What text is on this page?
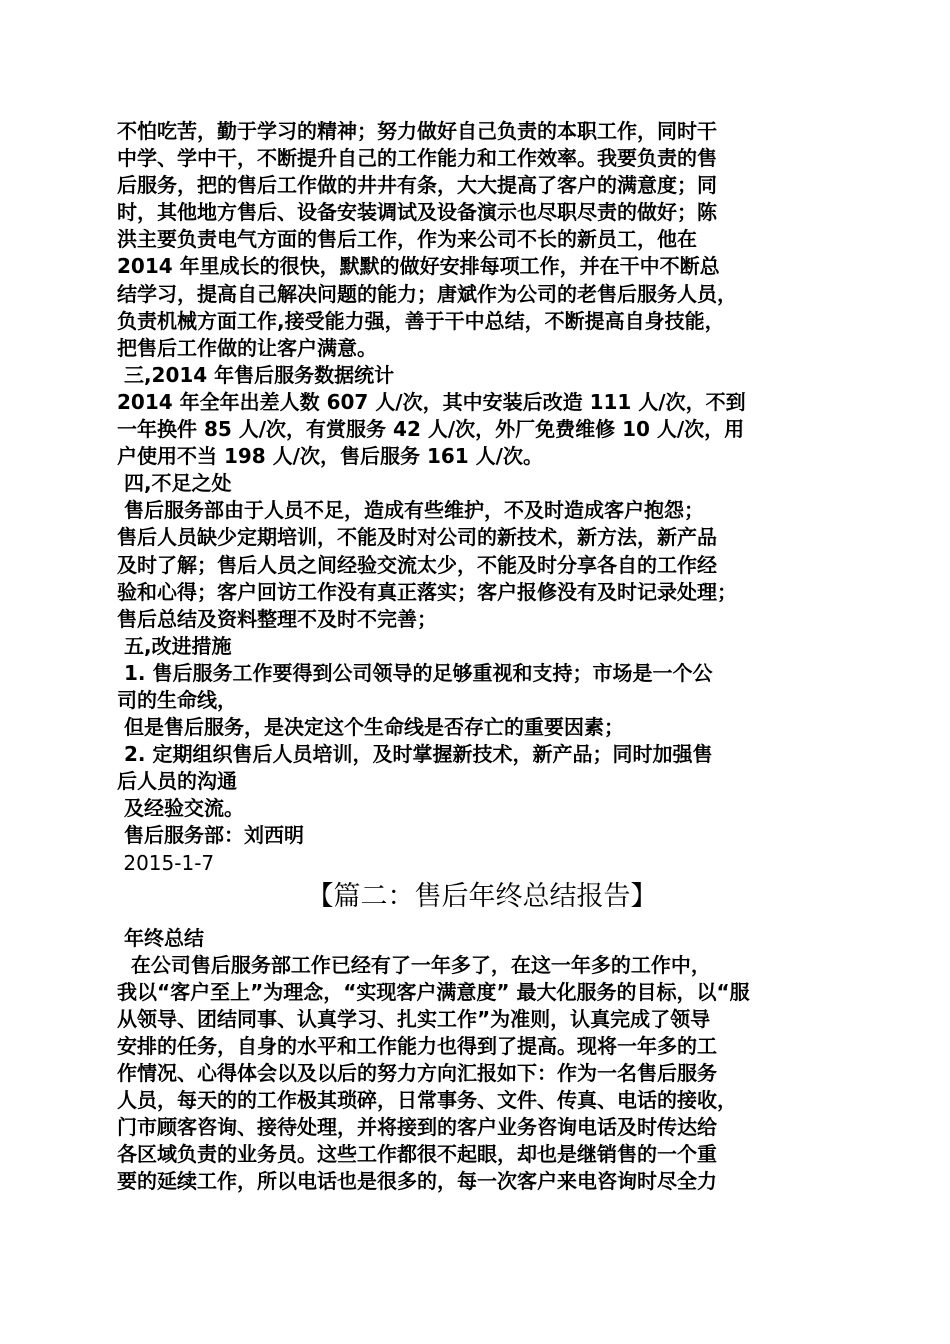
不怕吃苦，勤于学习的精神；努力做好自己负责的本职工作，同时干
中学、学中干，不断提升自己的工作能力和工作效率。我要负责的售
后服务，把的售后工作做的井井有条，大大提高了客户的满意度；同
时，其他地方售后、设备安装调试及设备演示也尽职尽责的做好；陈
洪主要负责电气方面的售后工作，作为来公司不长的新员工，他在
2014 年里成长的很快，默默的做好安排每项工作，并在干中不断总
结学习，提高自己解决问题的能力；唐斌作为公司的老售后服务人员，
负责机械方面工作,接受能力强，善于干中总结，不断提高自身技能，
把售后工作做的让客户满意。
三,2014 年售后服务数据统计
2014 年全年出差人数 607 人/次，其中安装后改造 111 人/次，不到
一年换件 85 人/次，有赏服务 42 人/次，外厂免费维修 10 人/次，用
户使用不当 198 人/次，售后服务 161 人/次。
四,不足之处
售后服务部由于人员不足，造成有些维护，不及时造成客户抱怨；
售后人员缺少定期培训，不能及时对公司的新技术，新方法，新产品
及时了解；售后人员之间经验交流太少，不能及时分享各自的工作经
验和心得；客户回访工作没有真正落实；客户报修没有及时记录处理；
售后总结及资料整理不及时不完善；
五,改进措施
1. 售后服务工作要得到公司领导的足够重视和支持；市场是一个公
司的生命线，
但是售后服务，是决定这个生命线是否存亡的重要因素；
2. 定期组织售后人员培训，及时掌握新技术，新产品；同时加强售
后人员的沟通
及经验交流。
售后服务部：刘西明
2015-1-7
【篇二：售后年终总结报告】
年终总结
在公司售后服务部工作已经有了一年多了，在这一年多的工作中，
我以“客户至上”为理念，“实现客户满意度” 最大化服务的目标，以“服
从领导、团结同事、认真学习、扎实工作”为准则，认真完成了领导
安排的任务，自身的水平和工作能力也得到了提高。现将一年多的工
作情况、心得体会以及以后的努力方向汇报如下：作为一名售后服务
人员，每天的的工作极其琐碎，日常事务、文件、传真、电话的接收，
门市顾客咨询、接待处理，并将接到的客户业务咨询电话及时传达给
各区域负责的业务员。这些工作都很不起眼，却也是继销售的一个重
要的延续工作，所以电话也是很多的，每一次客户来电咨询时尽全力
